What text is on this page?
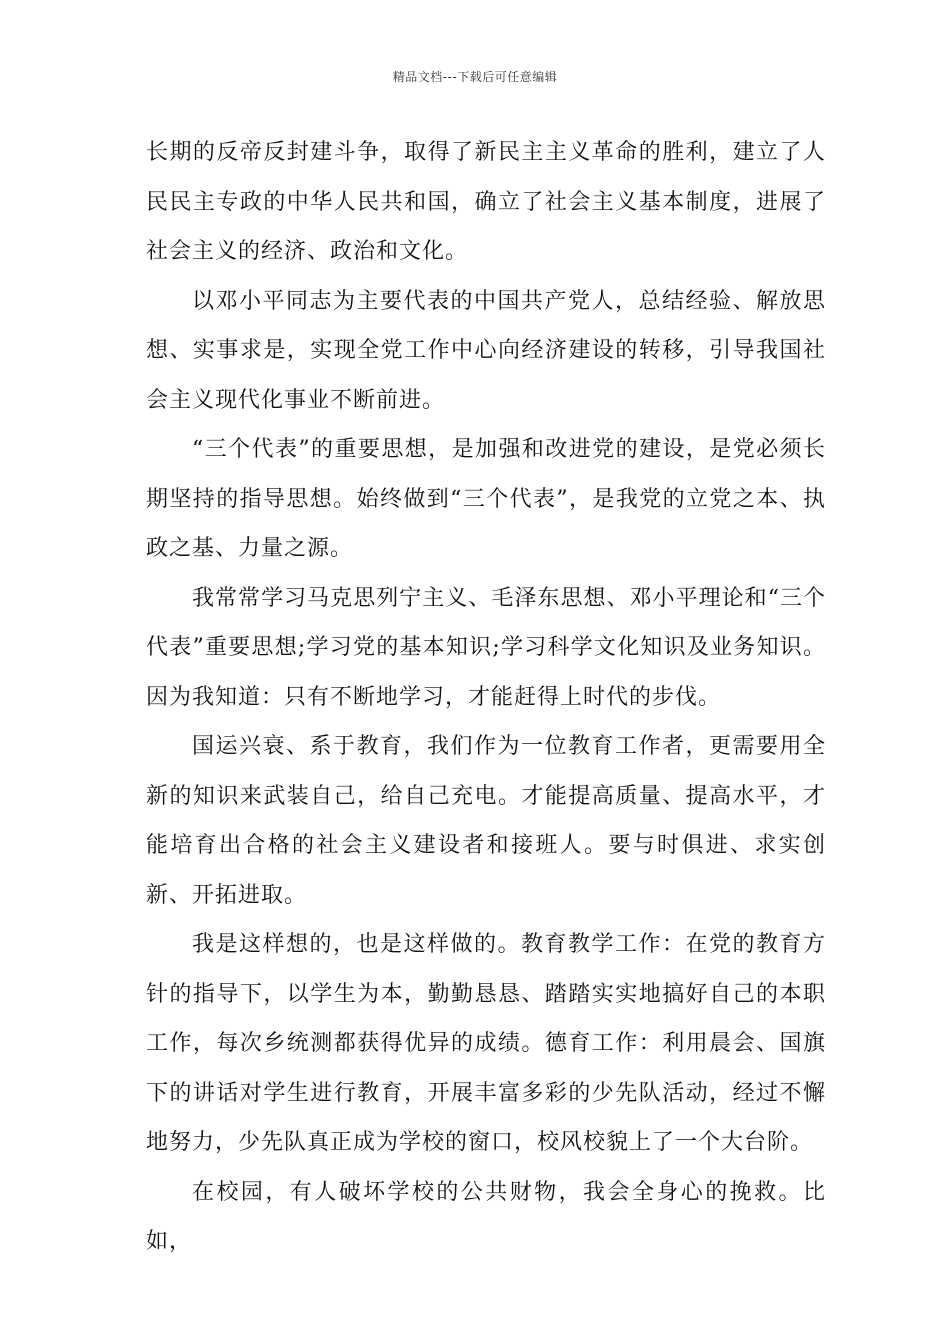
精品文档---下载后可任意编辑

长期的反帝反封建斗争，取得了新民主主义革命的胜利，建立了人民民主专政的中华人民共和国，确立了社会主义基本制度，进展了社会主义的经济、政治和文化。

以邓小平同志为主要代表的中国共产党人，总结经验、解放思想、实事求是，实现全党工作中心向经济建设的转移，引导我国社会主义现代化事业不断前进。

“三个代表”的重要思想，是加强和改进党的建设，是党必须长期坚持的指导思想。始终做到“三个代表”，是我党的立党之本、执政之基、力量之源。

我常常学习马克思列宁主义、毛泽东思想、邓小平理论和“三个代表”重要思想;学习党的基本知识;学习科学文化知识及业务知识。因为我知道：只有不断地学习，才能赶得上时代的步伐。

国运兴衰、系于教育，我们作为一位教育工作者，更需要用全新的知识来武装自己，给自己充电。才能提高质量、提高水平，才能培育出合格的社会主义建设者和接班人。要与时俱进、求实创新、开拓进取。

我是这样想的，也是这样做的。教育教学工作：在党的教育方针的指导下，以学生为本，勤勤恳恳、踏踏实实地搞好自己的本职工作，每次乡统测都获得优异的成绩。德育工作：利用晨会、国旗下的讲话对学生进行教育，开展丰富多彩的少先队活动，经过不懈地努力，少先队真正成为学校的窗口，校风校貌上了一个大台阶。

在校园，有人破坏学校的公共财物，我会全身心的挽救。比如，
